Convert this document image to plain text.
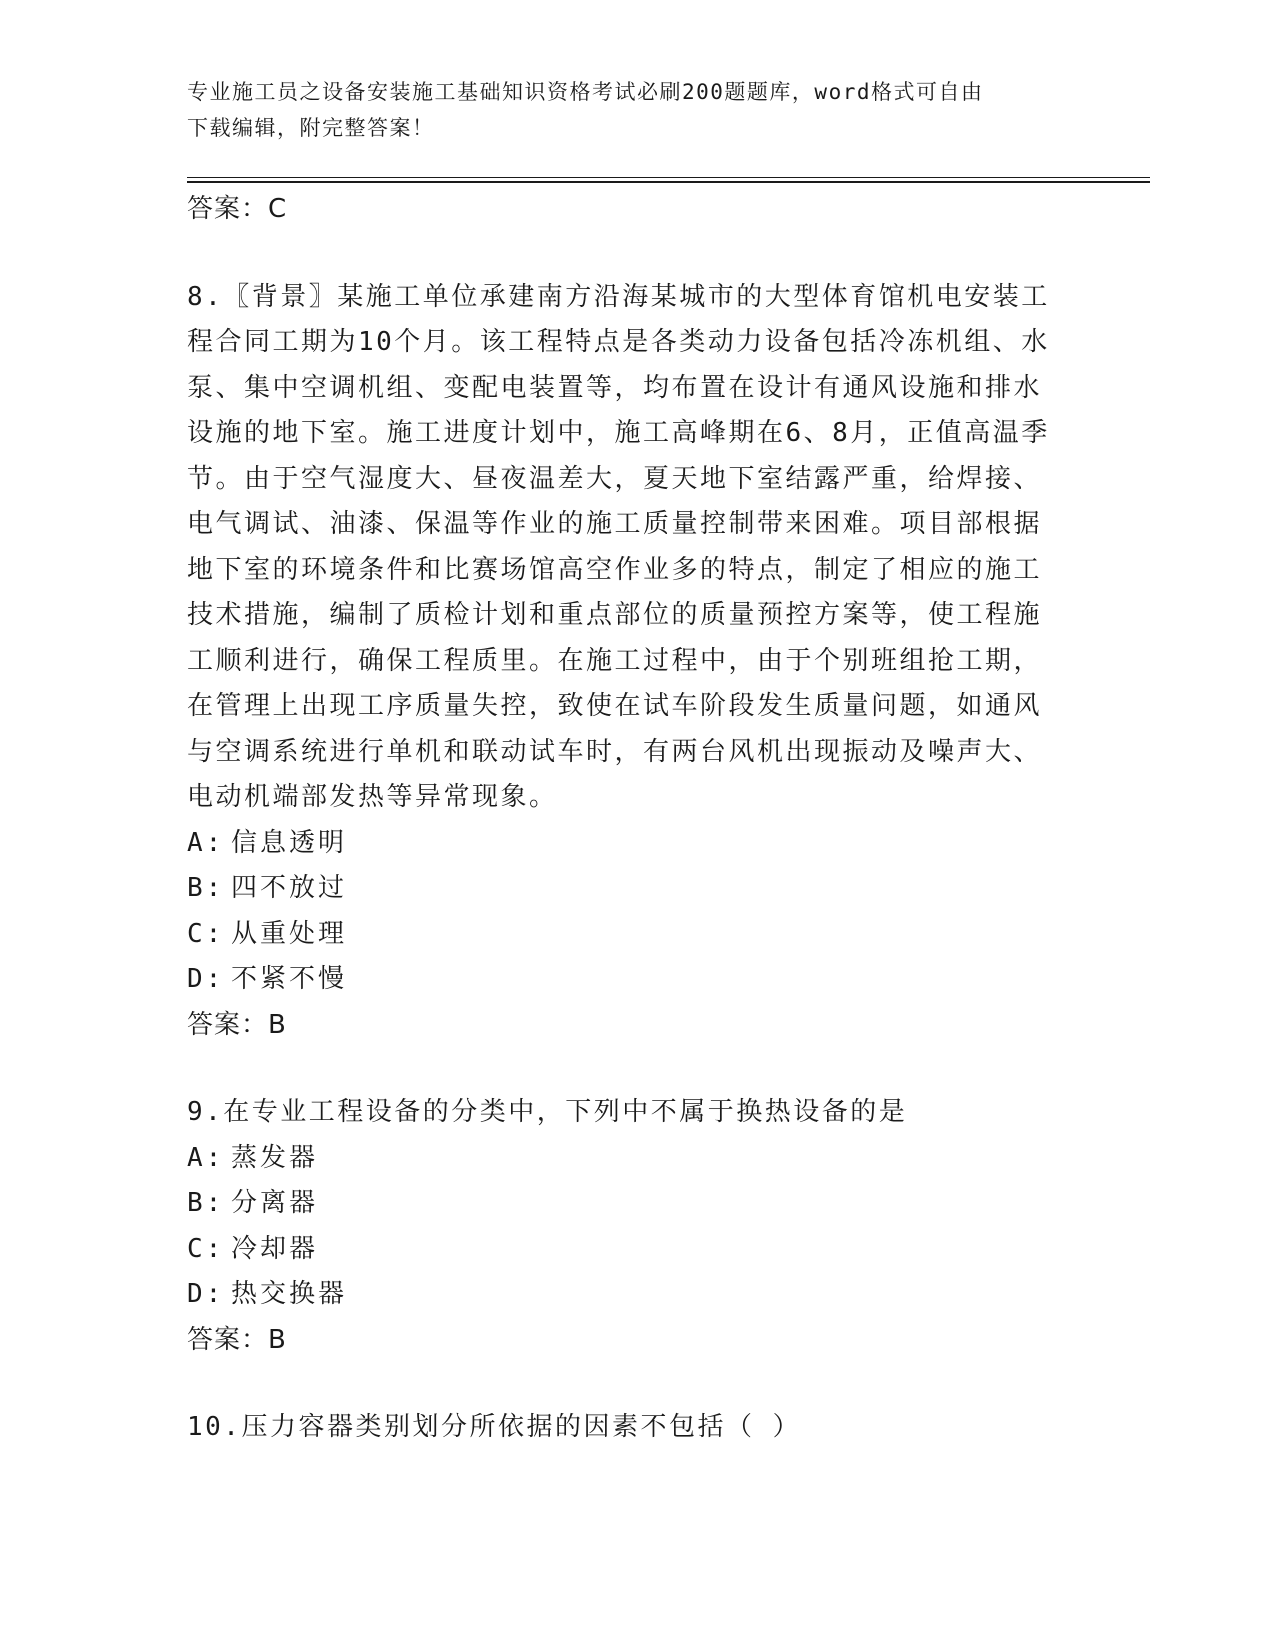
专业施工员之设备安装施工基础知识资格考试必刷200题题库，word格式可自由
下载编辑，附完整答案！

答案：C

8.〖背景〗某施工单位承建南方沿海某城市的大型体育馆机电安装工程合同工期为10个月。该工程特点是各类动力设备包括冷冻机组、水泵、集中空调机组、变配电装置等，均布置在设计有通风设施和排水设施的地下室。施工进度计划中，施工高峰期在6、8月，正值高温季节。由于空气湿度大、昼夜温差大，夏天地下室结露严重，给焊接、电气调试、油漆、保温等作业的施工质量控制带来困难。项目部根据地下室的环境条件和比赛场馆高空作业多的特点，制定了相应的施工技术措施，编制了质检计划和重点部位的质量预控方案等，使工程施工顺利进行，确保工程质里。在施工过程中，由于个别班组抢工期，在管理上出现工序质量失控，致使在试车阶段发生质量问题，如通风与空调系统进行单机和联动试车时，有两台风机出现振动及噪声大、电动机端部发热等异常现象。

A: 信息透明

B: 四不放过

C: 从重处理

D: 不紧不慢

答案：B

9.在专业工程设备的分类中，下列中不属于换热设备的是

A: 蒸发器

B: 分离器

C: 冷却器

D: 热交换器

答案：B

10.压力容器类别划分所依据的因素不包括（ ）
